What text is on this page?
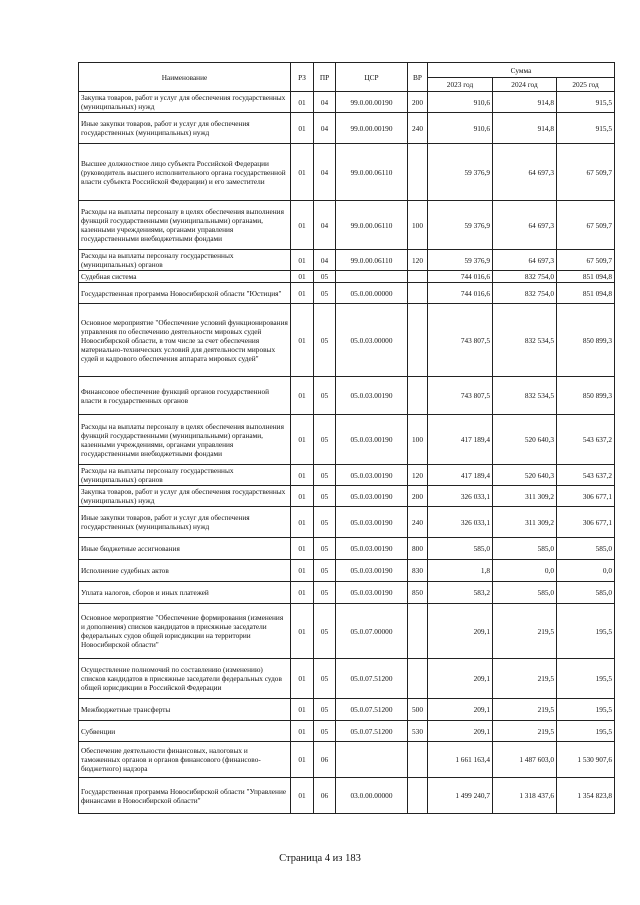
Наименование	РЗ	ПР	ЦСР	ВР	Сумма		
					2023 год	2024 год	2025 год
Закупка товаров, работ и услуг для обеспечения государственных (муниципальных) нужд	01	04	99.0.00.00190	200	910,6	914,8	915,5
Иные закупки товаров, работ и услуг для обеспечения государственных (муниципальных) нужд	01	04	99.0.00.00190	240	910,6	914,8	915,5
Высшее должностное лицо субъекта Российской Федерации (руководитель высшего исполнительного органа государственной власти субъекта Российской Федерации) и его заместители	01	04	99.0.00.06110		59 376,9	64 697,3	67 509,7
Расходы на выплаты персоналу в целях обеспечения выполнения функций государственными (муниципальными) органами, казенными учреждениями, органами управления государственными внебюджетными фондами	01	04	99.0.00.06110	100	59 376,9	64 697,3	67 509,7
Расходы на выплаты персоналу государственных (муниципальных) органов	01	04	99.0.00.06110	120	59 376,9	64 697,3	67 509,7
Судебная система	01	05			744 016,6	832 754,0	851 094,8
Государственная программа Новосибирской области "Юстиция"	01	05	05.0.00.00000		744 016,6	832 754,0	851 094,8
Основное мероприятие "Обеспечение условий функционирования управления по обеспечению деятельности мировых судей Новосибирской области, в том числе за счет обеспечения материально-технических условий для деятельности мировых судей и кадрового обеспечения аппарата мировых судей"	01	05	05.0.03.00000		743 807,5	832 534,5	850 899,3
Финансовое обеспечение функций органов государственной власти в государственных органов	01	05	05.0.03.00190		743 807,5	832 534,5	850 899,3
Расходы на выплаты персоналу в целях обеспечения выполнения функций государственными (муниципальными) органами, казенными учреждениями, органами управления государственными внебюджетными фондами	01	05	05.0.03.00190	100	417 189,4	520 640,3	543 637,2
Расходы на выплаты персоналу государственных (муниципальных) органов	01	05	05.0.03.00190	120	417 189,4	520 640,3	543 637,2
Закупка товаров, работ и услуг для обеспечения государственных (муниципальных) нужд	01	05	05.0.03.00190	200	326 033,1	311 309,2	306 677,1
Иные закупки товаров, работ и услуг для обеспечения государственных (муниципальных) нужд	01	05	05.0.03.00190	240	326 033,1	311 309,2	306 677,1
Иные бюджетные ассигнования	01	05	05.0.03.00190	800	585,0	585,0	585,0
Исполнение судебных актов	01	05	05.0.03.00190	830	1,8	0,0	0,0
Уплата налогов, сборов и иных платежей	01	05	05.0.03.00190	850	583,2	585,0	585,0
Основное мероприятие "Обеспечение формирования (изменения и дополнения) списков кандидатов в присяжные заседатели федеральных судов общей юрисдикции на территории Новосибирской области"	01	05	05.0.07.00000		209,1	219,5	195,5
Осуществление полномочий по составлению (изменению) списков кандидатов в присяжные заседатели федеральных судов общей юрисдикции в Российской Федерации	01	05	05.0.07.51200		209,1	219,5	195,5
Межбюджетные трансферты	01	05	05.0.07.51200	500	209,1	219,5	195,5
Субвенции	01	05	05.0.07.51200	530	209,1	219,5	195,5
Обеспечение деятельности финансовых, налоговых и таможенных органов и органов финансового (финансово-бюджетного) надзора	01	06			1 661 163,4	1 487 603,0	1 530 907,6
Государственная программа Новосибирской области "Управление финансами в Новосибирской области"	01	06	03.0.00.00000		1 499 240,7	1 318 437,6	1 354 823,8
Страница 4 из 183
